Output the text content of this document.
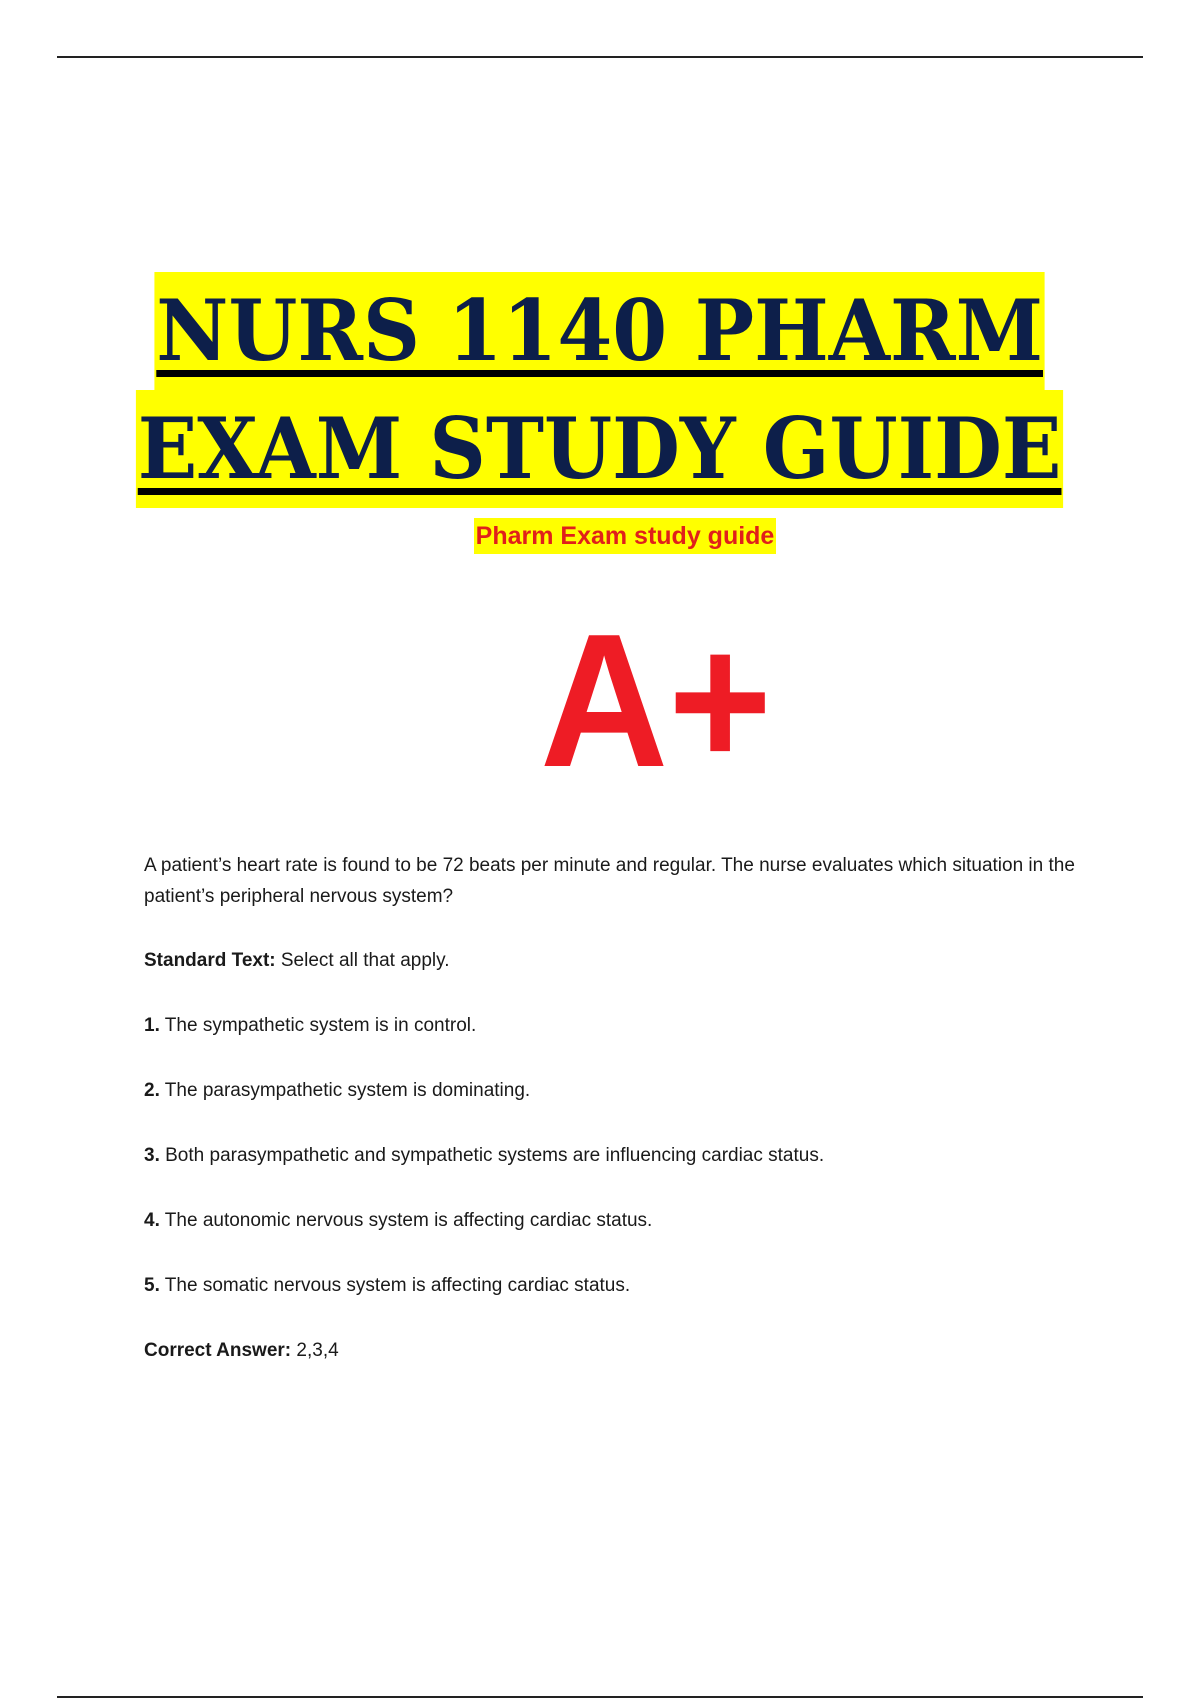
NURS 1140 PHARM
EXAM STUDY GUIDE
Pharm Exam study guide
A+

A patient’s heart rate is found to be 72 beats per minute and regular. The nurse evaluates which situation in the patient’s peripheral nervous system?

Standard Text: Select all that apply.

1. The sympathetic system is in control.

2. The parasympathetic system is dominating.

3. Both parasympathetic and sympathetic systems are influencing cardiac status.

4. The autonomic nervous system is affecting cardiac status.

5. The somatic nervous system is affecting cardiac status.

Correct Answer: 2,3,4
